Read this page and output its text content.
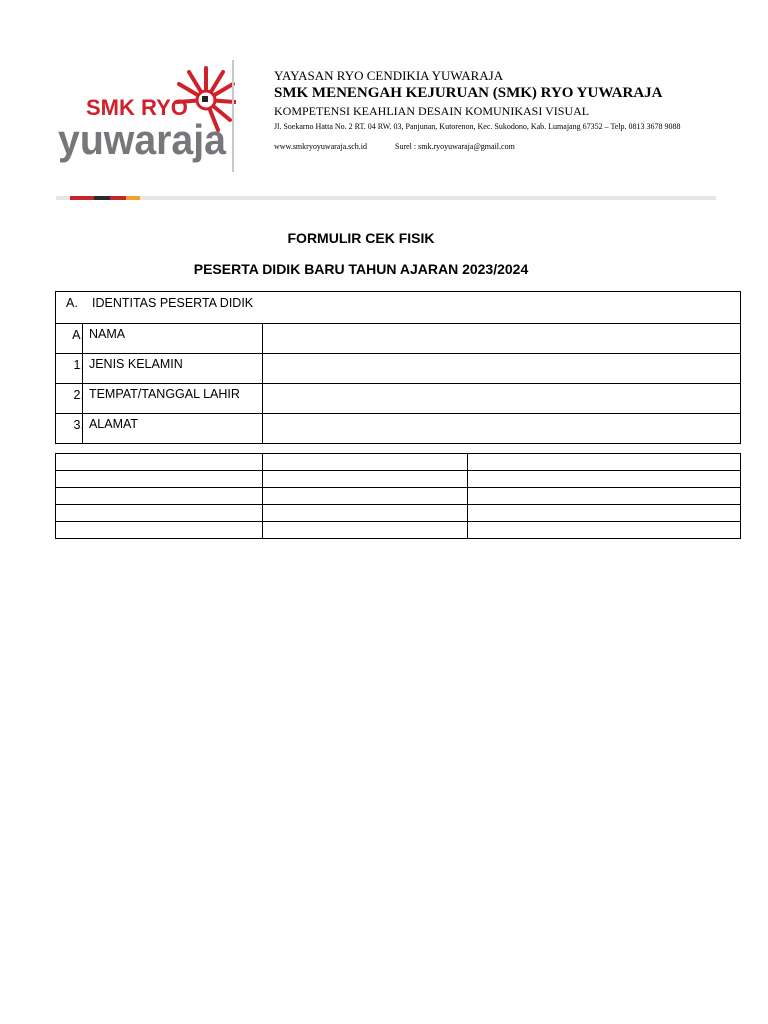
SMK RYO
yuwaraja
YAYASAN RYO CENDIKIA YUWARAJA
SMK MENENGAH KEJURUAN (SMK) RYO YUWARAJA
KOMPETENSI KEAHLIAN DESAIN KOMUNIKASI VISUAL
Jl. Soekarno Hatta No. 2 RT. 04 RW. 03, Panjunan, Kutorenon, Kec. Sukodono, Kab. Lumajang 67352 – Telp. 0813 3678 9088
www.smkryoyuwaraja.sch.id	Surel : smk.ryoyuwaraja@gmail.com
FORMULIR CEK FISIK
PESERTA DIDIK BARU TAHUN AJARAN 2023/2024
A. IDENTITAS PESERTA DIDIK		

A.	NAMA	

1.	JENIS KELAMIN	

2.	TEMPAT/TANGGAL LAHIR	

3.	ALAMAT	
